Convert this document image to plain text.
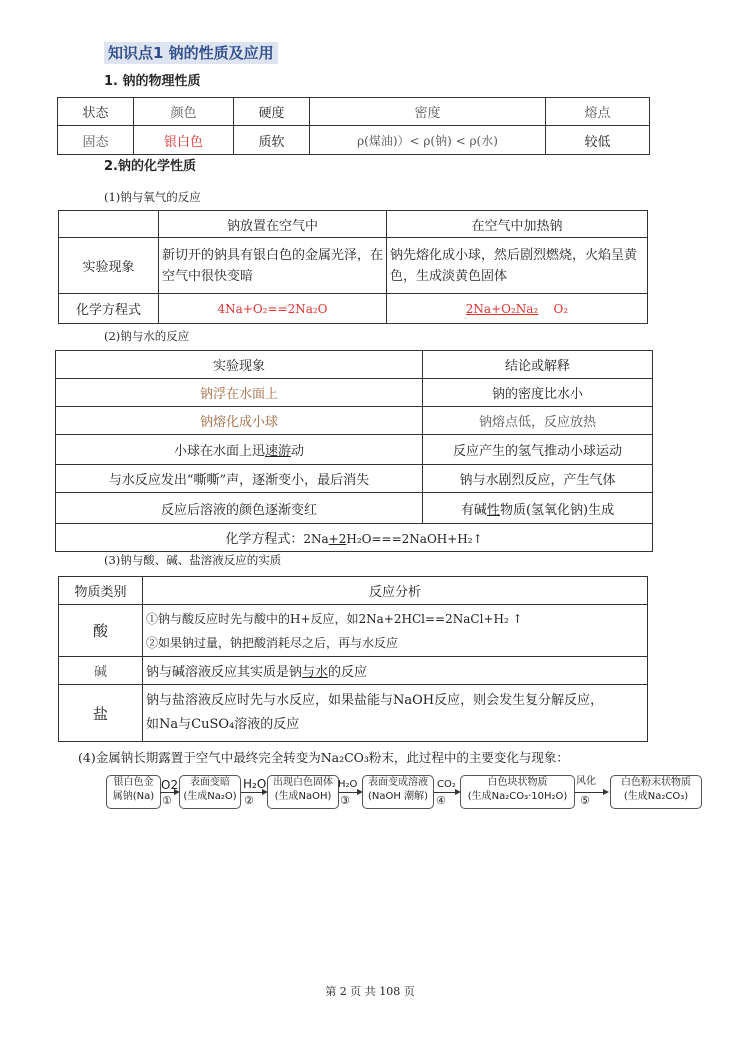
知识点1 钠的性质及应用
1. 钠的物理性质
状态	颜色	硬度	密度	熔点
固态	银白色	质软	ρ(煤油)）< ρ(钠) < ρ(水)	较低
2.钠的化学性质
(1)钠与氧气的反应
	钠放置在空气中	在空气中加热钠
实验现象	新切开的钠具有银白色的金属光泽，在空气中很快变暗	钠先熔化成小球，然后剧烈燃烧，火焰呈黄色，生成淡黄色固体
化学方程式	4Na+O₂==2Na₂O	2Na+O₂Na₂ O₂
(2)钠与水的反应
实验现象	结论或解释
钠浮在水面上	钠的密度比水小
钠熔化成小球	钠熔点低，反应放热
小球在水面上迅速游动	反应产生的氢气推动小球运动
与水反应发出“嘶嘶”声，逐渐变小，最后消失	钠与水剧烈反应，产生气体
反应后溶液的颜色逐渐变红	有碱性物质(氢氧化钠)生成
化学方程式：2Na+2H₂O===2NaOH+H₂↑	
(3)钠与酸、碱、盐溶液反应的实质
物质类别	反应分析
酸	①钠与酸反应时先与酸中的H+反应，如2Na+2HCl==2NaCl+H₂ ↑
②如果钠过量，钠把酸消耗尽之后，再与水反应

碱	钠与碱溶液反应其实质是钠与水的反应
盐	钠与盐溶液反应时先与水反应，如果盐能与NaOH反应，则会发生复分解反应，
如Na与CuSO₄溶液的反应
(4)金属钠长期露置于空气中最终完全转变为Na₂CO₃粉末，此过程中的主要变化与现象：
银白色金
属钠(Na)
O2
①
表面变暗
(生成Na₂O)
H₂O
②
出现白色固体
(生成NaOH)
H₂O
③
表面变成溶液
(NaOH 潮解)
CO₂
④
白色块状物质
(生成Na₂CO₃·10H₂O)
风化
⑤
白色粉末状物质
(生成Na₂CO₃)
第 2 页 共 108 页
